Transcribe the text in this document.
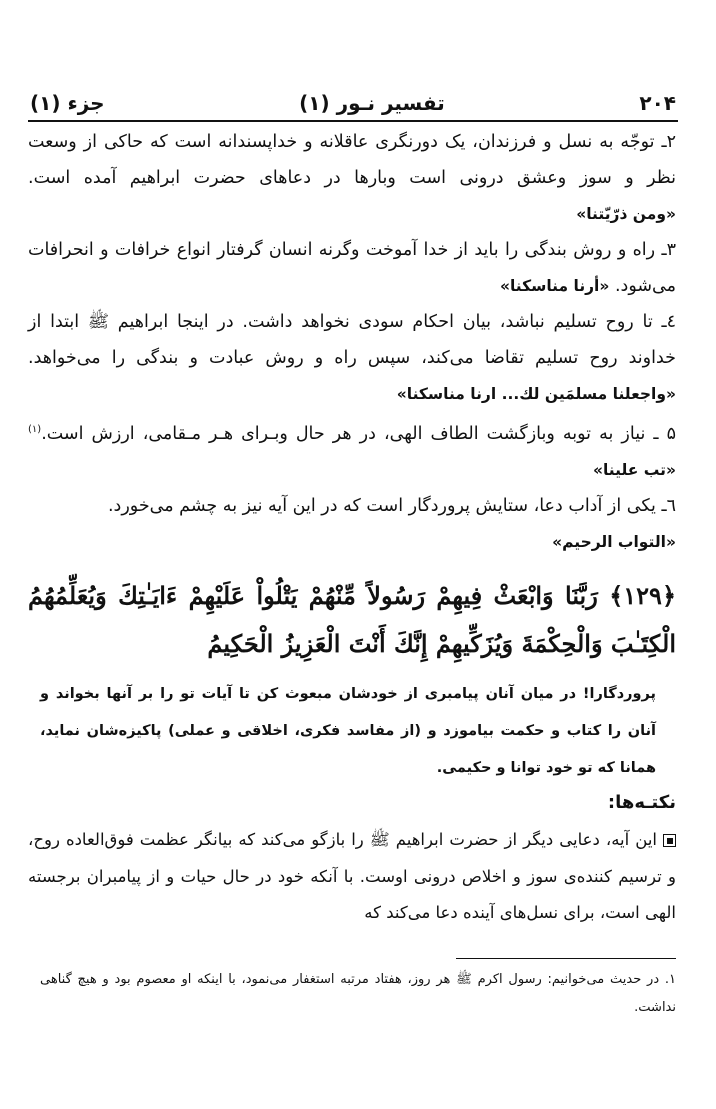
۲۰۴
تفسیر نـور (۱)
جزء (۱)

۲ـ توجّه به نسل و فرزندان، یک دورنگری عاقلانه و خداپسندانه است که حاکی از وسعت نظر و سوز وعشق درونی است وبارها در دعاهای حضرت ابراهیم آمده است. «ومن ذرّیّتنا»

۳ـ راه و روش بندگی را باید از خدا آموخت وگرنه انسان گرفتار انواع خرافات و انحرافات می‌شود. «أرنا مناسکنا»

٤ـ تا روح تسلیم نباشد، بیان احکام سودی نخواهد داشت. در اینجا ابراهیم ﷺ ابتدا از خداوند روح تسلیم تقاضا می‌کند، سپس راه و روش عبادت و بندگی را می‌خواهد. «واجعلنا مسلمَین لك... ارنا مناسکنا»

۵ ـ نیاز به توبه وبازگشت الطاف الهی، در هر حال وبـرای هـر مـقامی، ارزش است.$^{(۱)}$ «تب علینا»

٦ـ یکی از آداب دعا، ستایش پروردگار است که در این آیه نیز به چشم می‌خورد.
«التواب الرحیم»

﴿۱۲۹﴾ رَبَّنَا وَابْعَثْ فِيهِمْ رَسُولاً مِّنْهُمْ يَتْلُواْ عَلَيْهِمْ ءَايَـٰتِكَ وَيُعَلِّمُهُمُ الْكِتَـٰبَ وَالْحِكْمَةَ وَيُزَكِّيهِمْ إِنَّكَ أَنْتَ الْعَزِيزُ الْحَكِيمُ
پروردگارا! در میان آنان پیامبری از خودشان مبعوث کن تا آیات تو را بر آنها بخواند و آنان را کتاب و حکمت بیاموزد و (از مفاسد فکری، اخلاقی و عملی) پاکیزه‌شان نماید، همانا که تو خود توانا و حکیمی.
نکتـه‌ها:
این آیه، دعایی دیگر از حضرت ابراهیم ﷺ را بازگو می‌کند که بیانگر عظمت فوق‌العاده روح، و ترسیم کننده‌ی سوز و اخلاص درونی اوست. با آنکه خود در حال حیات و از پیامبران برجسته الهی است، برای نسل‌های آینده دعا می‌کند که
۱. در حدیث می‌خوانیم: رسول اکرم ﷺ هر روز، هفتاد مرتبه استغفار می‌نمود، با اینکه او معصوم بود و هیچ گناهی نداشت.
